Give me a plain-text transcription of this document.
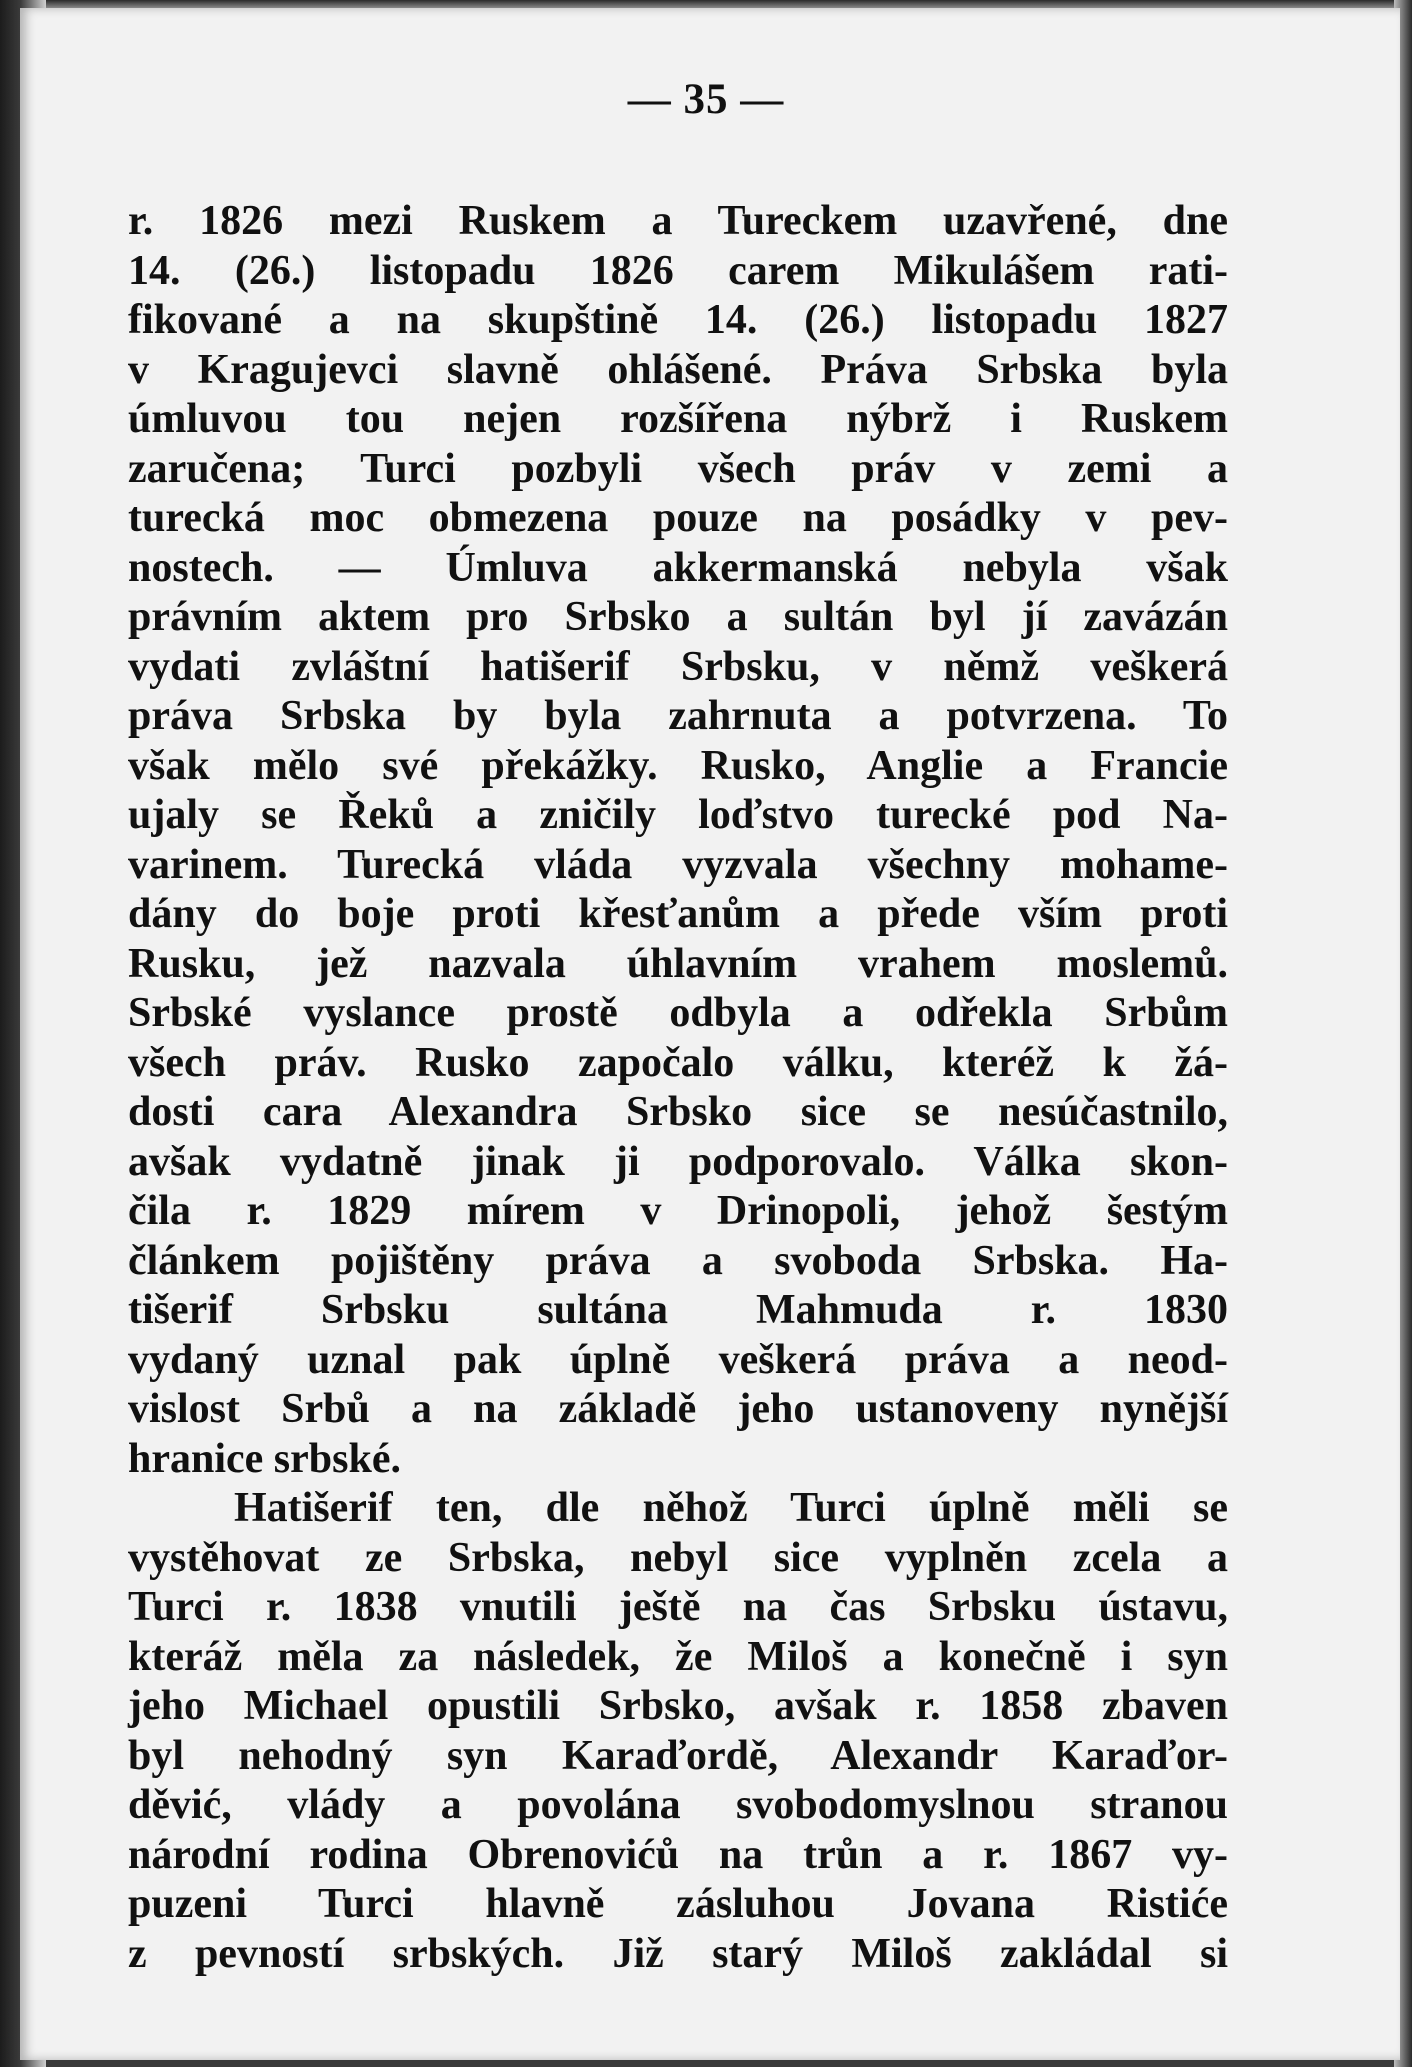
— 35 —
r. 1826 mezi Ruskem a Tureckem uzavřené, dne
14. (26.) listopadu 1826 carem Mikulášem rati-
fikované a na skupštině 14. (26.) listopadu 1827
v Kragujevci slavně ohlášené. Práva Srbska byla
úmluvou tou nejen rozšířena nýbrž i Ruskem
zaručena; Turci pozbyli všech práv v zemi a
turecká moc obmezena pouze na posádky v pev-
nostech. — Úmluva akkermanská nebyla však
právním aktem pro Srbsko a sultán byl jí zavázán
vydati zvláštní hatišerif Srbsku, v němž veškerá
práva Srbska by byla zahrnuta a potvrzena. To
však mělo své překážky. Rusko, Anglie a Francie
ujaly se Řeků a zničily loďstvo turecké pod Na-
varinem. Turecká vláda vyzvala všechny mohame-
dány do boje proti křesťanům a přede vším proti
Rusku, jež nazvala úhlavním vrahem moslemů.
Srbské vyslance prostě odbyla a odřekla Srbům
všech práv. Rusko započalo válku, kteréž k žá-
dosti cara Alexandra Srbsko sice se nesúčastnilo,
avšak vydatně jinak ji podporovalo. Válka skon-
čila r. 1829 mírem v Drinopoli, jehož šestým
článkem pojištěny práva a svoboda Srbska. Ha-
tišerif Srbsku sultána Mahmuda r. 1830
vydaný uznal pak úplně veškerá práva a neod-
vislost Srbů a na základě jeho ustanoveny nynější
hranice srbské.
Hatišerif ten, dle něhož Turci úplně měli se
vystěhovat ze Srbska, nebyl sice vyplněn zcela a
Turci r. 1838 vnutili ještě na čas Srbsku ústavu,
kteráž měla za následek, že Miloš a konečně i syn
jeho Michael opustili Srbsko, avšak r. 1858 zbaven
byl nehodný syn Karaďordě, Alexandr Karaďor-
děvić, vlády a povolána svobodomyslnou stranou
národní rodina Obrenovićů na trůn a r. 1867 vy-
puzeni Turci hlavně zásluhou Jovana Ristiće
z pevností srbských. Již starý Miloš zakládal si
